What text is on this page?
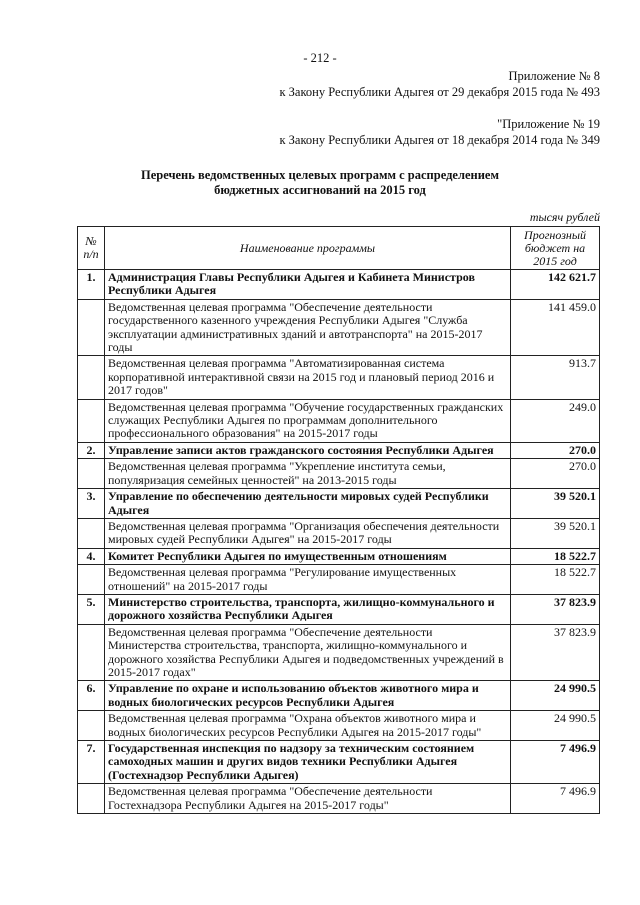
- 212 -
Приложение № 8
к Закону Республики Адыгея от 29 декабря 2015 года № 493
"Приложение № 19
к Закону Республики Адыгея от 18 декабря 2014 года № 349
Перечень ведомственных целевых программ с распределением
бюджетных ассигнований на 2015 год
тысяч рублей
№ п/п	Наименование программы	Прогнозный бюджет на 2015 год
1.	Администрация Главы Республики Адыгея и Кабинета Министров Республики Адыгея	142 621.7
	Ведомственная целевая программа "Обеспечение деятельности государственного казенного учреждения Республики Адыгея "Служба эксплуатации административных зданий и автотранспорта" на 2015-2017 годы	141 459.0
	Ведомственная целевая программа "Автоматизированная система корпоративной интерактивной связи на 2015 год и плановый период 2016 и 2017 годов"	913.7
	Ведомственная целевая программа "Обучение государственных гражданских служащих Республики Адыгея по программам дополнительного профессионального образования" на 2015-2017 годы	249.0
2.	Управление записи актов гражданского состояния Республики Адыгея	270.0
	Ведомственная целевая программа "Укрепление института семьи, популяризация семейных ценностей" на 2013-2015 годы	270.0
3.	Управление по обеспечению деятельности мировых судей Республики Адыгея	39 520.1
	Ведомственная целевая программа "Организация обеспечения деятельности мировых судей Республики Адыгея" на 2015-2017 годы	39 520.1
4.	Комитет Республики Адыгея по имущественным отношениям	18 522.7
	Ведомственная целевая программа "Регулирование имущественных отношений" на 2015-2017 годы	18 522.7
5.	Министерство строительства, транспорта, жилищно-коммунального и дорожного хозяйства Республики Адыгея	37 823.9
	Ведомственная целевая программа "Обеспечение деятельности Министерства строительства, транспорта, жилищно-коммунального и дорожного хозяйства Республики Адыгея и подведомственных учреждений в 2015-2017 годах"	37 823.9
6.	Управление по охране и использованию объектов животного мира и водных биологических ресурсов Республики Адыгея	24 990.5
	Ведомственная целевая программа "Охрана объектов животного мира и водных биологических ресурсов Республики Адыгея на 2015-2017 годы"	24 990.5
7.	Государственная инспекция по надзору за техническим состоянием самоходных машин и других видов техники Республики Адыгея (Гостехнадзор Республики Адыгея)	7 496.9
	Ведомственная целевая программа "Обеспечение деятельности Гостехнадзора Республики Адыгея на 2015-2017 годы"	7 496.9
